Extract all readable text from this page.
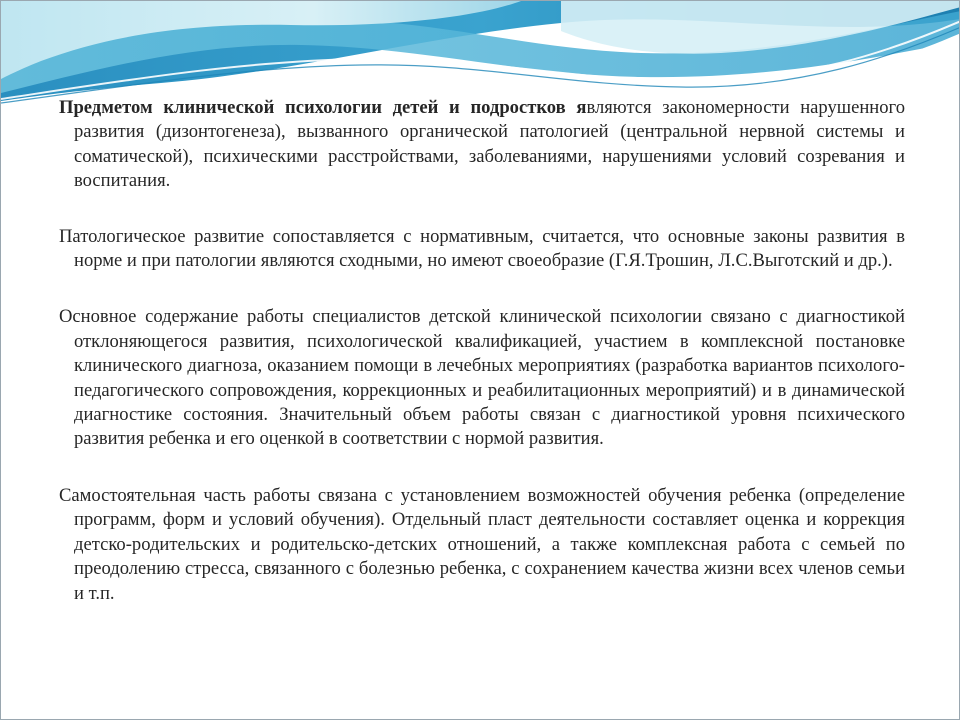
Предметом клинической психологии детей и подростков являются закономерности нарушенного развития (дизонтогенеза), вызванного органической патологией (центральной нервной системы и соматической), психическими расстройствами, заболеваниями, нарушениями условий созревания и воспитания.

Патологическое развитие сопоставляется с нормативным, считается, что основные законы развития в норме и при патологии являются сходными, но имеют своеобразие (Г.Я.Трошин, Л.С.Выготский и др.).

Основное содержание работы специалистов детской клинической психологии связано с диагностикой отклоняющегося развития, психологической квалификацией, участием в комплексной постановке клинического диагноза, оказанием помощи в лечебных мероприятиях (разработка вариантов психолого-педагогического сопровождения, коррекционных и реабилитационных мероприятий) и в динамической диагностике состояния. Значительный объем работы связан с диагностикой уровня психического развития ребенка и его оценкой в соответствии с нормой развития.

Самостоятельная часть работы связана с установлением возможностей обучения ребенка (определение программ, форм и условий обучения). Отдельный пласт деятельности составляет оценка и коррекция детско-родительских и родительско-детских отношений, а также комплексная работа с семьей по преодолению стресса, связанного с болезнью ребенка, с сохранением качества жизни всех членов семьи и т.п.
